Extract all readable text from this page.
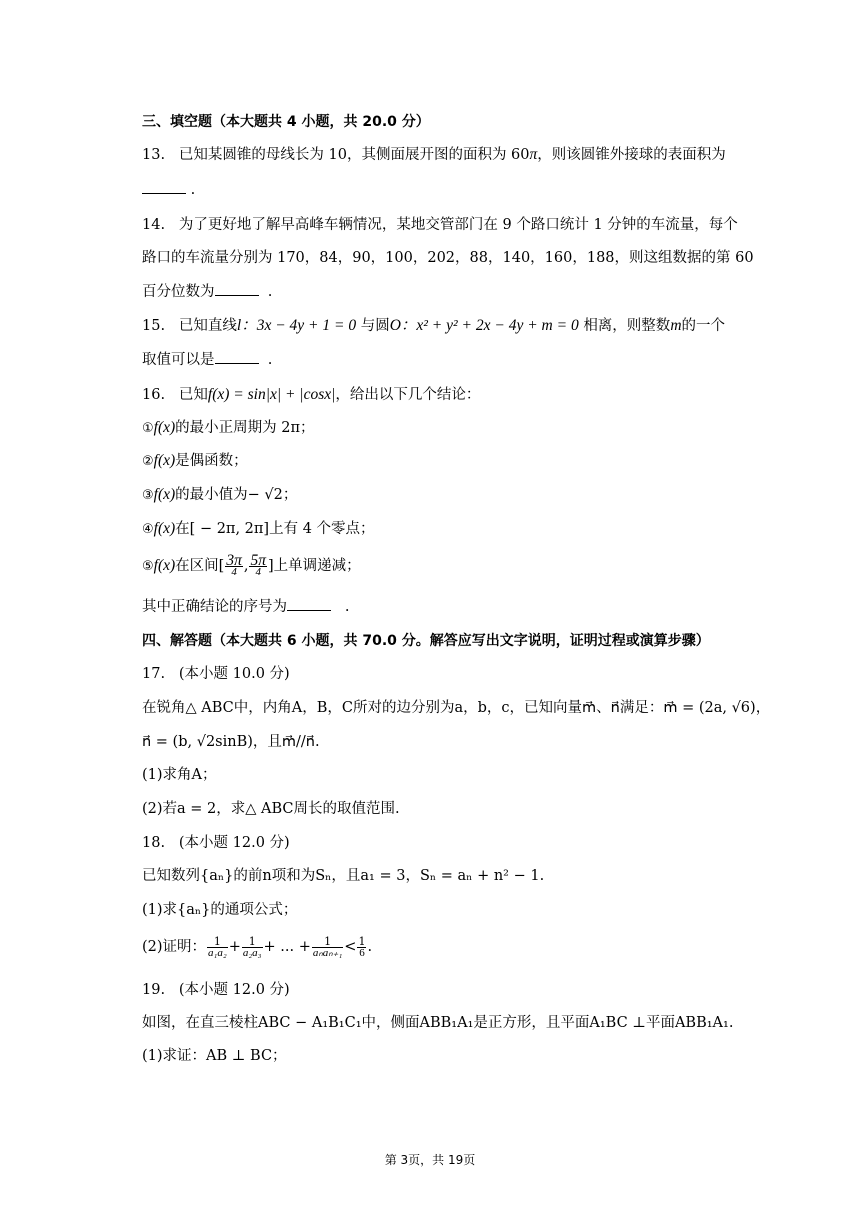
三、填空题（本大题共 4 小题，共 20.0 分）
13. 已知某圆锥的母线长为 10，其侧面展开图的面积为 60π，则该圆锥外接球的表面积为
.
14. 为了更好地了解早高峰车辆情况，某地交管部门在 9 个路口统计 1 分钟的车流量，每个
路口的车流量分别为 170，84，90，100，202，88，140，160，188，则这组数据的第 60
百分位数为	.
15. 已知直线l：3x − 4y + 1 = 0 与圆O：x² + y² + 2x − 4y + m = 0 相离，则整数m的一个
取值可以是	.
16. 已知f(x) = sin|x| + |cosx|，给出以下几个结论：
①f(x)的最小正周期为 2π；
②f(x)是偶函数；
③f(x)的最小值为− √2；
④f(x)在[ − 2π, 2π]上有 4 个零点；
⑤f(x)在区间[ $\frac{3\pi}{4}$ , $\frac{5\pi}{4}$ ]上单调递减；
其中正确结论的序号为	.
四、解答题（本大题共 6 小题，共 70.0 分。解答应写出文字说明，证明过程或演算步骤）
17. (本小题 10.0 分)
在锐角△ ABC中，内角A，B，C所对的边分别为a，b，c，已知向量m⃗、n⃗满足：m⃗ = (2a, √6)，
n⃗ = (b, √2sinB)，且m⃗//n⃗.
(1)求角A；
(2)若a = 2，求△ ABC周长的取值范围.
18. (本小题 12.0 分)
已知数列{aₙ}的前n项和为Sₙ，且a₁ = 3，Sₙ = aₙ + n² − 1.
(1)求{aₙ}的通项公式；
(2)证明： $\frac{1}{\text{a₁a₂}} + \frac{1}{\text{a₂a₃}}$ + ... + $\frac{1}{\text{aₙaₙ₊₁}} < \frac{1}{6}$ .
19. (本小题 12.0 分)
如图，在直三棱柱ABC − A₁B₁C₁中，侧面ABB₁A₁是正方形，且平面A₁BC ⊥平面ABB₁A₁.
(1)求证：AB ⊥ BC；
第 3页，共 19页
